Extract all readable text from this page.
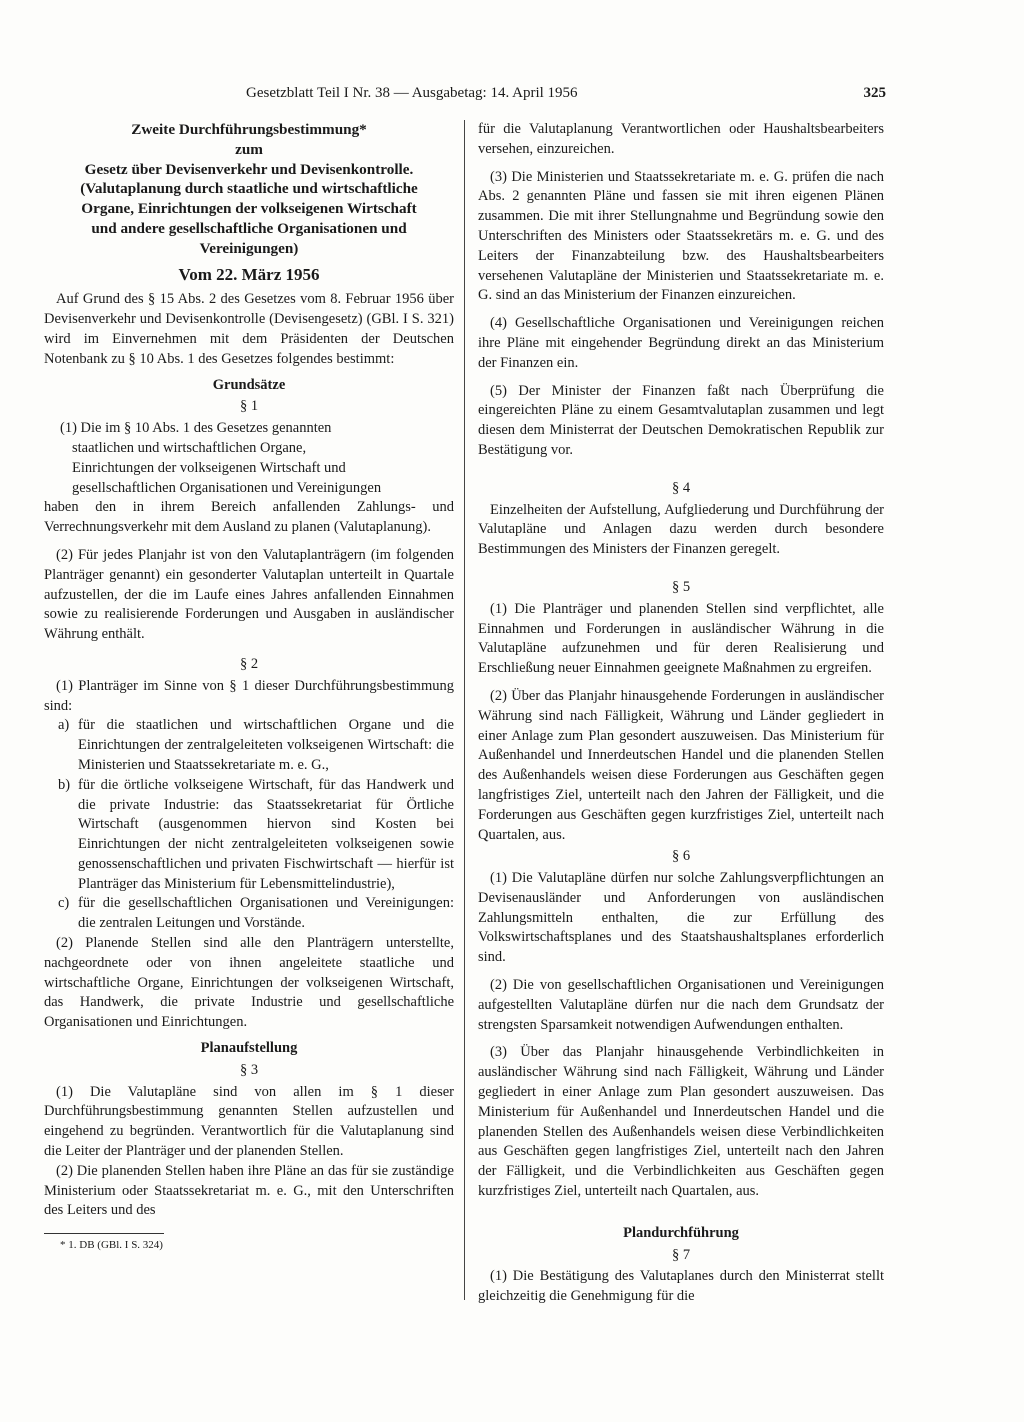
Gesetzblatt Teil I Nr. 38 — Ausgabetag: 14. April 1956	325
Zweite Durchführungsbestimmung*
zum
Gesetz über Devisenverkehr und Devisenkontrolle.
(Valutaplanung durch staatliche und wirtschaftliche
Organe, Einrichtungen der volkseigenen Wirtschaft
und andere gesellschaftliche Organisationen und
Vereinigungen)
Vom 22. März 1956

Auf Grund des § 15 Abs. 2 des Gesetzes vom 8. Februar 1956 über Devisenverkehr und Devisenkontrolle (Devisengesetz) (GBl. I S. 321) wird im Einvernehmen mit dem Präsidenten der Deutschen Notenbank zu § 10 Abs. 1 des Gesetzes folgendes bestimmt:

Grundsätze
§ 1

(1) Die im § 10 Abs. 1 des Gesetzes genannten

staatlichen und wirtschaftlichen Organe,

Einrichtungen der volkseigenen Wirtschaft und

gesellschaftlichen Organisationen und Vereinigungen

haben den in ihrem Bereich anfallenden Zahlungs- und Verrechnungsverkehr mit dem Ausland zu planen (Valutaplanung).

(2) Für jedes Planjahr ist von den Valutaplanträgern (im folgenden Planträger genannt) ein gesonderter Valutaplan unterteilt in Quartale aufzustellen, der die im Laufe eines Jahres anfallenden Einnahmen sowie zu realisierende Forderungen und Ausgaben in ausländischer Währung enthält.

§ 2

(1) Planträger im Sinne von § 1 dieser Durchführungsbestimmung sind:

a) für die staatlichen und wirtschaftlichen Organe und die Einrichtungen der zentralgeleiteten volkseigenen Wirtschaft: die Ministerien und Staatssekretariate m. e. G.,
b) für die örtliche volkseigene Wirtschaft, für das Handwerk und die private Industrie: das Staatssekretariat für Örtliche Wirtschaft (ausgenommen hiervon sind Kosten bei Einrichtungen der nicht zentralgeleiteten volkseigenen sowie genossenschaftlichen und privaten Fischwirtschaft — hierfür ist Planträger das Ministerium für Lebensmittelindustrie),
c) für die gesellschaftlichen Organisationen und Vereinigungen: die zentralen Leitungen und Vorstände.

(2) Planende Stellen sind alle den Planträgern unterstellte, nachgeordnete oder von ihnen angeleitete staatliche und wirtschaftliche Organe, Einrichtungen der volkseigenen Wirtschaft, das Handwerk, die private Industrie und gesellschaftliche Organisationen und Einrichtungen.

Planaufstellung
§ 3

(1) Die Valutapläne sind von allen im § 1 dieser Durchführungsbestimmung genannten Stellen aufzustellen und eingehend zu begründen. Verantwortlich für die Valutaplanung sind die Leiter der Planträger und der planenden Stellen.

(2) Die planenden Stellen haben ihre Pläne an das für sie zuständige Ministerium oder Staatssekretariat m. e. G., mit den Unterschriften des Leiters und des

* 1. DB (GBl. I S. 324)

für die Valutaplanung Verantwortlichen oder Haushaltsbearbeiters versehen, einzureichen.

(3) Die Ministerien und Staatssekretariate m. e. G. prüfen die nach Abs. 2 genannten Pläne und fassen sie mit ihren eigenen Plänen zusammen. Die mit ihrer Stellungnahme und Begründung sowie den Unterschriften des Ministers oder Staatssekretärs m. e. G. und des Leiters der Finanzabteilung bzw. des Haushaltsbearbeiters versehenen Valutapläne der Ministerien und Staatssekretariate m. e. G. sind an das Ministerium der Finanzen einzureichen.

(4) Gesellschaftliche Organisationen und Vereinigungen reichen ihre Pläne mit eingehender Begründung direkt an das Ministerium der Finanzen ein.

(5) Der Minister der Finanzen faßt nach Überprüfung die eingereichten Pläne zu einem Gesamtvalutaplan zusammen und legt diesen dem Ministerrat der Deutschen Demokratischen Republik zur Bestätigung vor.

§ 4

Einzelheiten der Aufstellung, Aufgliederung und Durchführung der Valutapläne und Anlagen dazu werden durch besondere Bestimmungen des Ministers der Finanzen geregelt.

§ 5

(1) Die Planträger und planenden Stellen sind verpflichtet, alle Einnahmen und Forderungen in ausländischer Währung in die Valutapläne aufzunehmen und für deren Realisierung und Erschließung neuer Einnahmen geeignete Maßnahmen zu ergreifen.

(2) Über das Planjahr hinausgehende Forderungen in ausländischer Währung sind nach Fälligkeit, Währung und Länder gegliedert in einer Anlage zum Plan gesondert auszuweisen. Das Ministerium für Außenhandel und Innerdeutschen Handel und die planenden Stellen des Außenhandels weisen diese Forderungen aus Geschäften gegen langfristiges Ziel, unterteilt nach den Jahren der Fälligkeit, und die Forderungen aus Geschäften gegen kurzfristiges Ziel, unterteilt nach Quartalen, aus.

§ 6

(1) Die Valutapläne dürfen nur solche Zahlungsverpflichtungen an Devisenausländer und Anforderungen von ausländischen Zahlungsmitteln enthalten, die zur Erfüllung des Volkswirtschaftsplanes und des Staatshaushaltsplanes erforderlich sind.

(2) Die von gesellschaftlichen Organisationen und Vereinigungen aufgestellten Valutapläne dürfen nur die nach dem Grundsatz der strengsten Sparsamkeit notwendigen Aufwendungen enthalten.

(3) Über das Planjahr hinausgehende Verbindlichkeiten in ausländischer Währung sind nach Fälligkeit, Währung und Länder gegliedert in einer Anlage zum Plan gesondert auszuweisen. Das Ministerium für Außenhandel und Innerdeutschen Handel und die planenden Stellen des Außenhandels weisen diese Verbindlichkeiten aus Geschäften gegen langfristiges Ziel, unterteilt nach den Jahren der Fälligkeit, und die Verbindlichkeiten aus Geschäften gegen kurzfristiges Ziel, unterteilt nach Quartalen, aus.

Plandurchführung
§ 7

(1) Die Bestätigung des Valutaplanes durch den Ministerrat stellt gleichzeitig die Genehmigung für die
